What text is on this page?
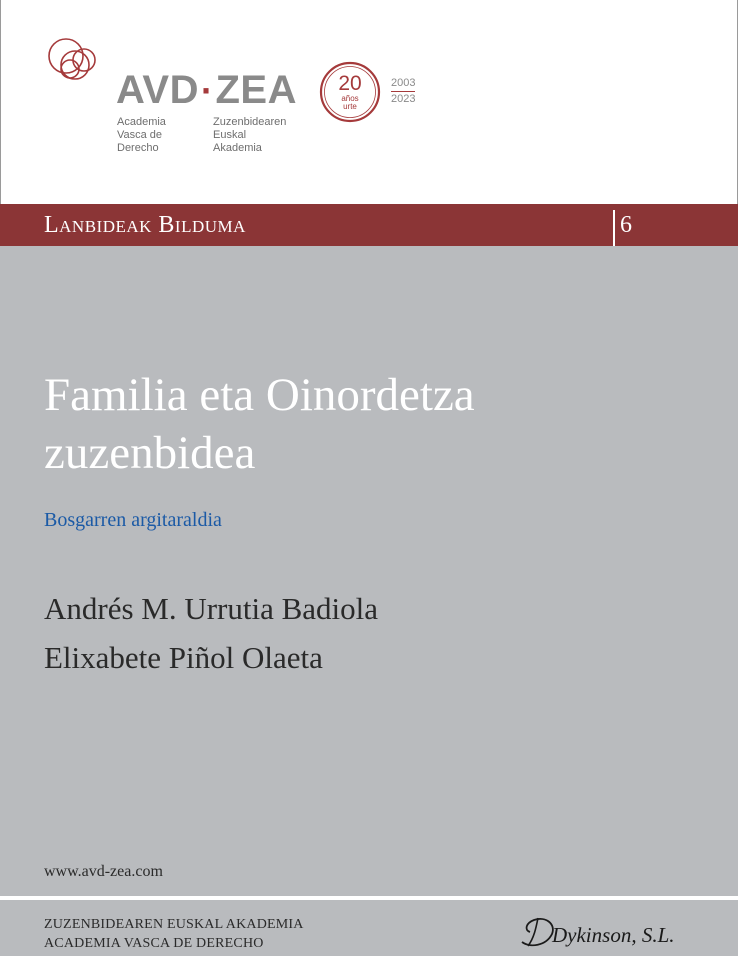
AVD·ZEA
Academia
Vasca de
Derecho
Zuzenbidearen
Euskal
Akademia
20
años
urte
2003
2023
Lanbideak Bilduma	6
Familia eta Oinordetza
zuzenbidea
Bosgarren argitaraldia
Andrés M. Urrutia Badiola
Elixabete Piñol Olaeta
www.avd-zea.com
ZUZENBIDEAREN EUSKAL AKADEMIA
ACADEMIA VASCA DE DERECHO	Dykinson, S.L.
